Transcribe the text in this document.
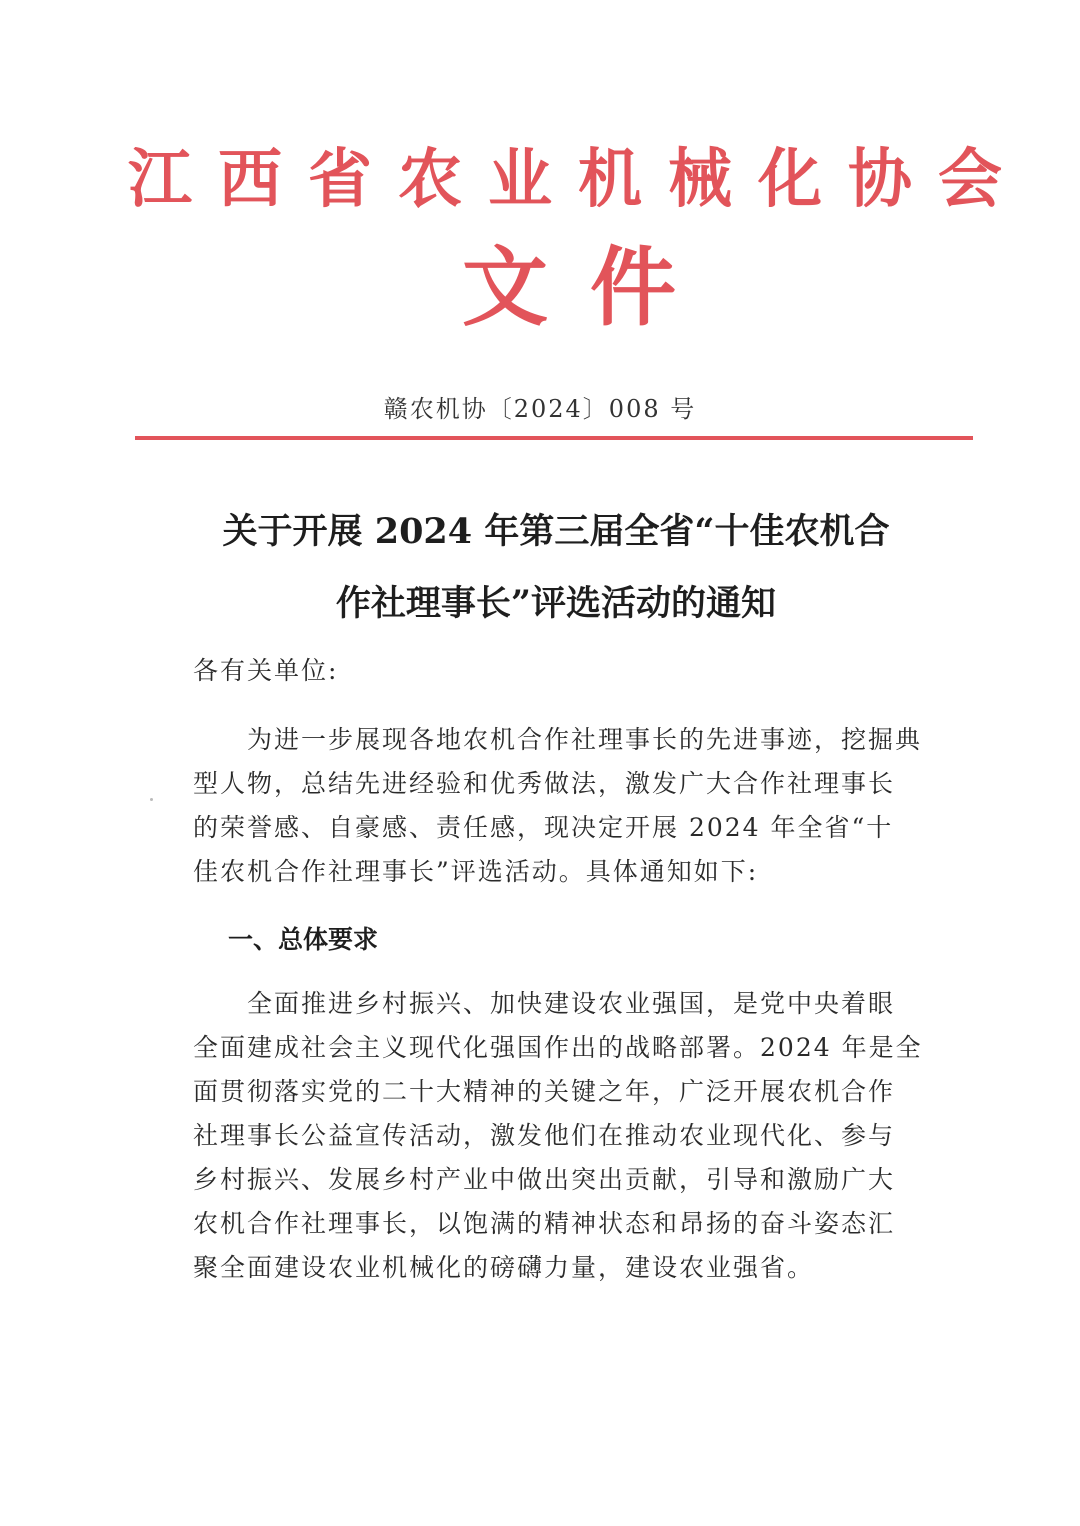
江西省农业机械化协会
文件
赣农机协〔2024〕008 号
关于开展 2024 年第三届全省“十佳农机合
作社理事长”评选活动的通知
各有关单位:
　　为进一步展现各地农机合作社理事长的先进事迹，挖掘典
型人物，总结先进经验和优秀做法，激发广大合作社理事长
的荣誉感、自豪感、责任感，现决定开展 2024 年全省“十
佳农机合作社理事长”评选活动。具体通知如下:
一、总体要求
　　全面推进乡村振兴、加快建设农业强国，是党中央着眼
全面建成社会主义现代化强国作出的战略部署。2024 年是全
面贯彻落实党的二十大精神的关键之年，广泛开展农机合作
社理事长公益宣传活动，激发他们在推动农业现代化、参与
乡村振兴、发展乡村产业中做出突出贡献，引导和激励广大
农机合作社理事长，以饱满的精神状态和昂扬的奋斗姿态汇
聚全面建设农业机械化的磅礴力量，建设农业强省。
